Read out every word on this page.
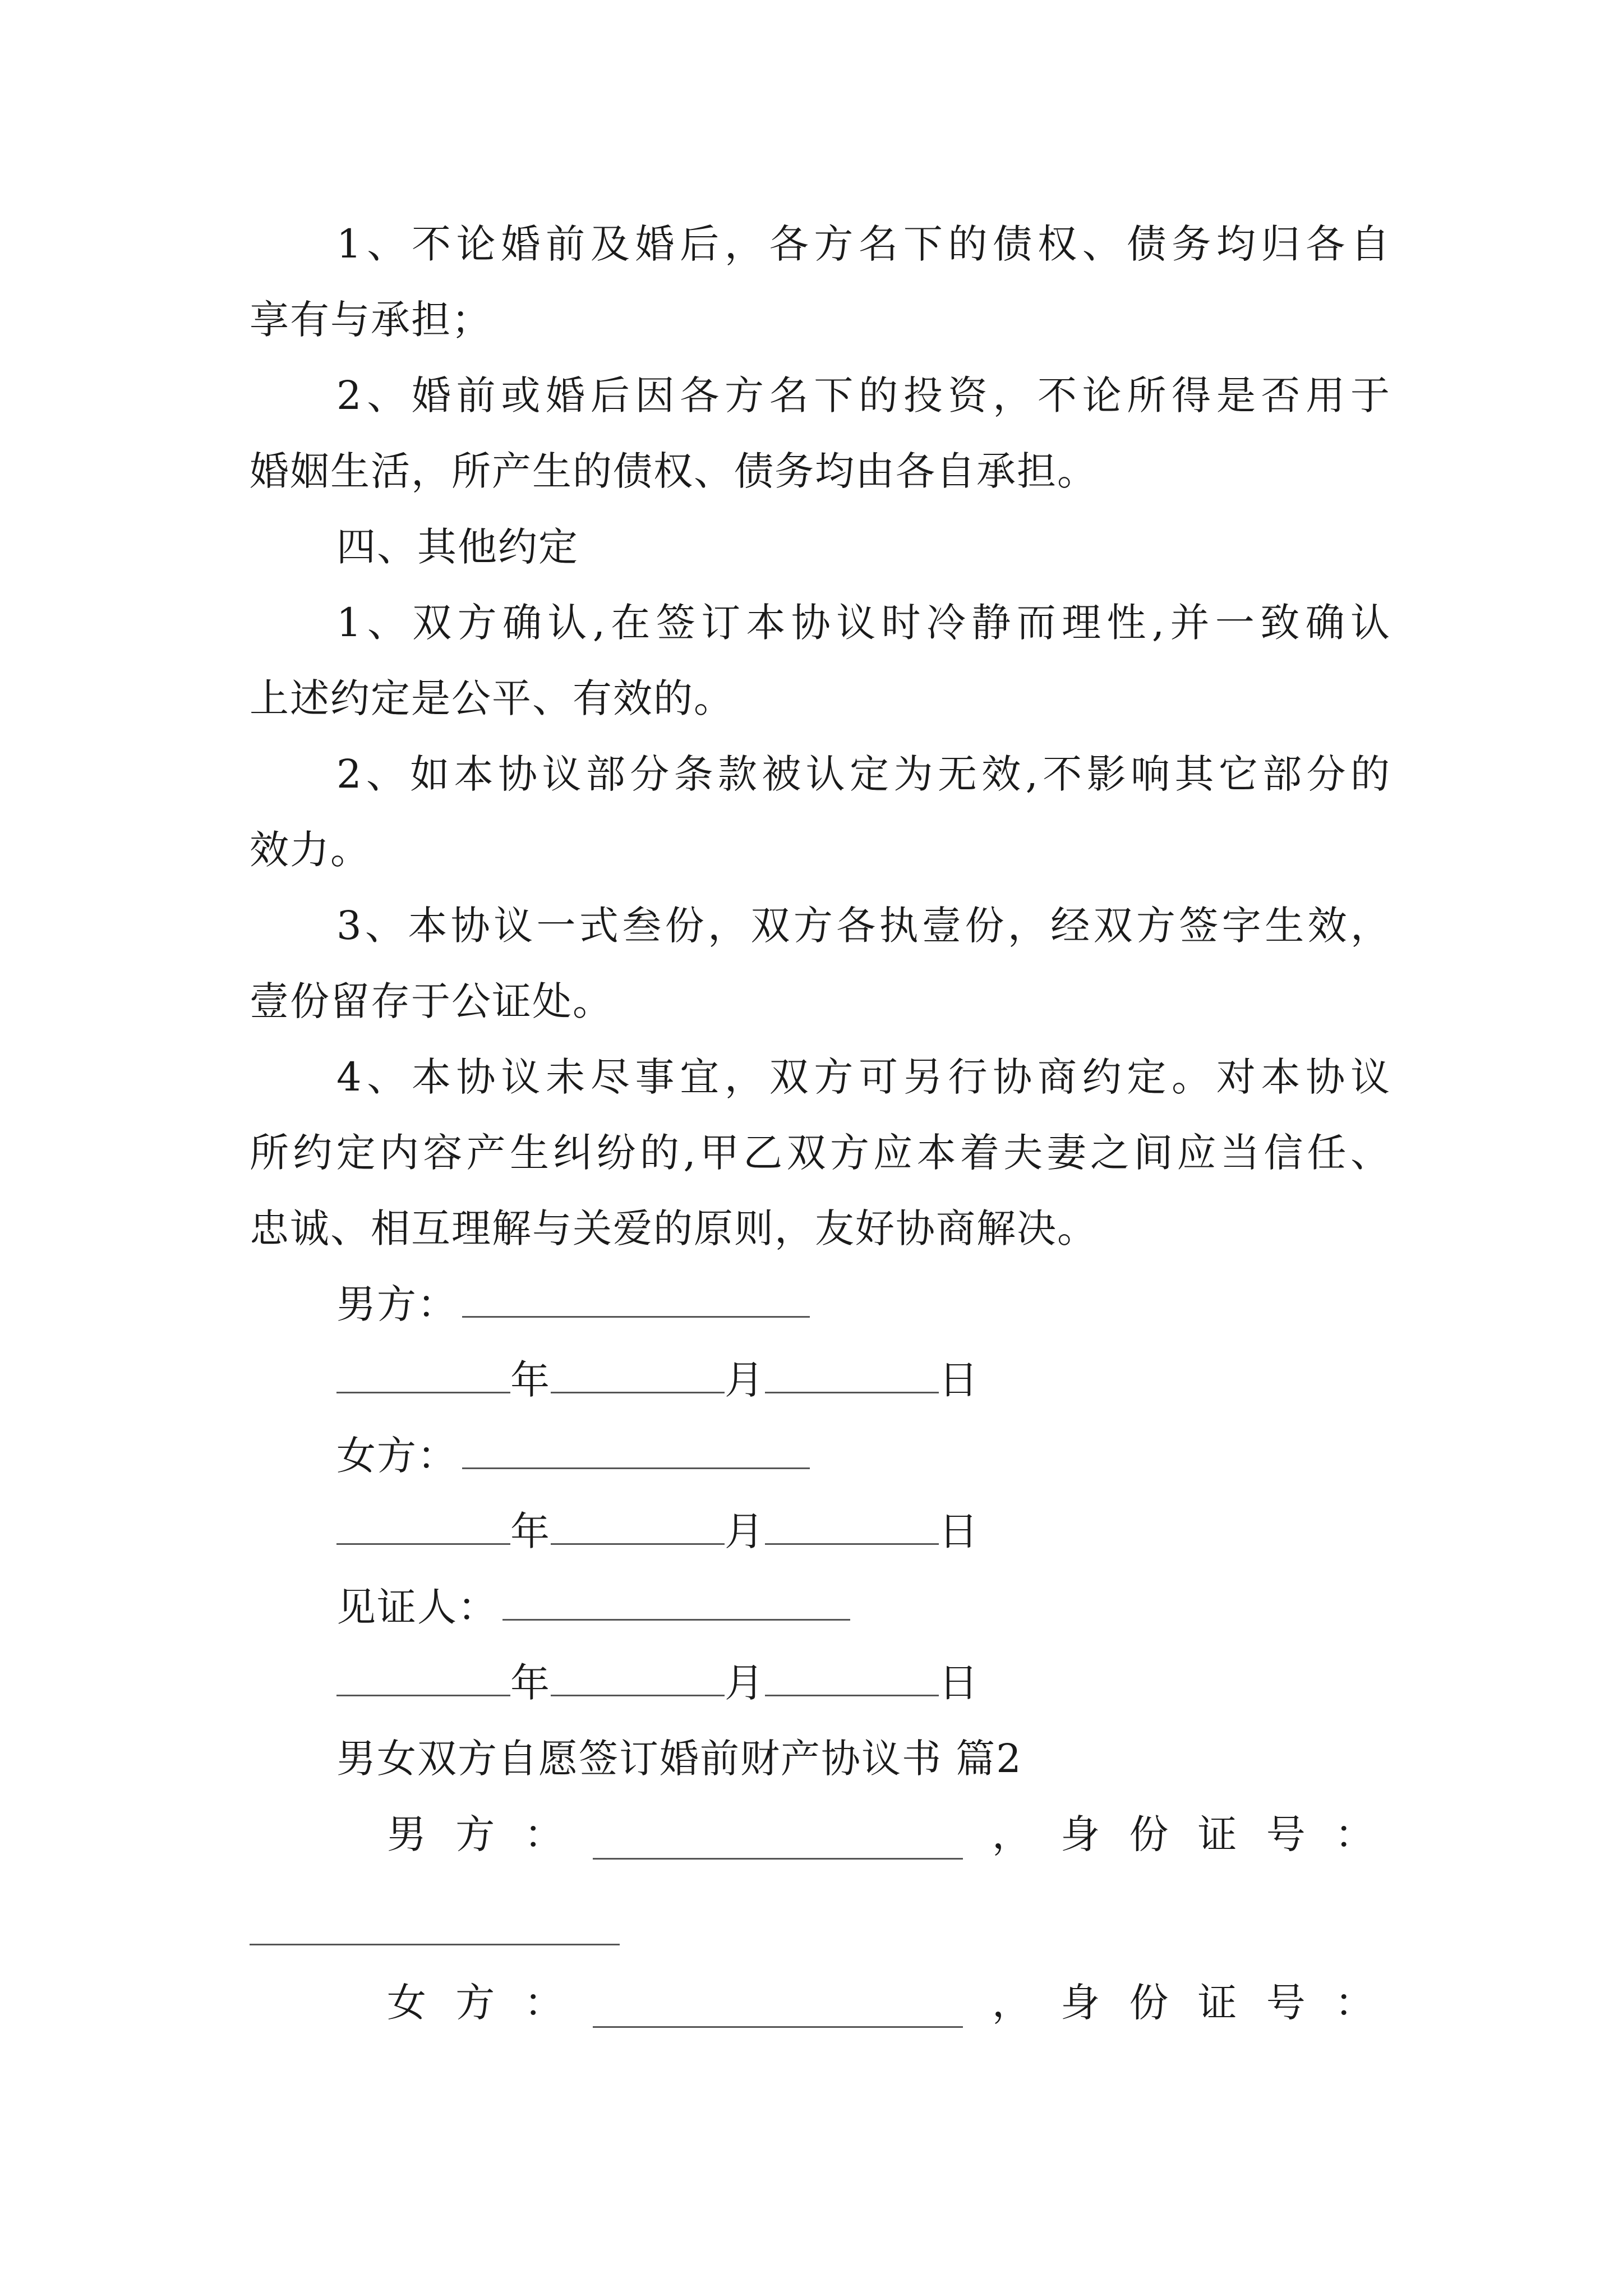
1、不论婚前及婚后，各方名下的债权、债务均归各自
享有与承担；
2、婚前或婚后因各方名下的投资，不论所得是否用于
婚姻生活，所产生的债权、债务均由各自承担。
四、其他约定
1、双方确认,在签订本协议时冷静而理性,并一致确认
上述约定是公平、有效的。
2、如本协议部分条款被认定为无效,不影响其它部分的
效力。
3、本协议一式叁份，双方各执壹份，经双方签字生效，
壹份留存于公证处。
4、本协议未尽事宜，双方可另行协商约定。对本协议
所约定内容产生纠纷的,甲乙双方应本着夫妻之间应当信任、
忠诚、相互理解与关爱的原则，友好协商解决。
男方：
年	月	日
女方：
年	月	日
见证人：
年	月	日
男女双方自愿签订婚前财产协议书 篇2
男 方 ：	， 身 份 证 号 ：
女 方 ：	， 身 份 证 号 ：
